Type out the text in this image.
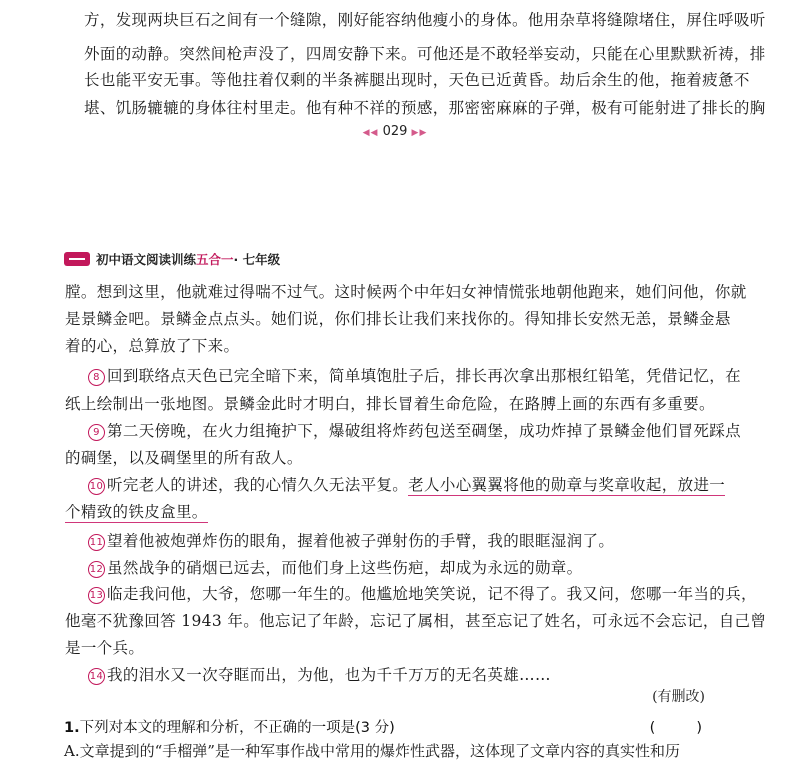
方，发现两块巨石之间有一个缝隙，刚好能容纳他瘦小的身体。他用杂草将缝隙堵住，屏住呼吸听
外面的动静。突然间枪声没了，四周安静下来。可他还是不敢轻举妄动，只能在心里默默祈祷，排
长也能平安无事。等他拄着仅剩的半条裤腿出现时，天色已近黄昏。劫后余生的他，拖着疲惫不
堪、饥肠辘辘的身体往村里走。他有种不祥的预感，那密密麻麻的子弹，极有可能射进了排长的胸
◀◀ 029 ▶▶
初中语文阅读训练 五合一 · 七年级
膛。想到这里，他就难过得喘不过气。这时候两个中年妇女神情慌张地朝他跑来，她们问他，你就
是景鳞金吧。景鳞金点点头。她们说，你们排长让我们来找你的。得知排长安然无恙，景鳞金悬
着的心，总算放了下来。
8 回到联络点天色已完全暗下来，简单填饱肚子后，排长再次拿出那根红铅笔，凭借记忆，在
纸上绘制出一张地图。景鳞金此时才明白，排长冒着生命危险，在路膊上画的东西有多重要。
9 第二天傍晚，在火力组掩护下，爆破组将炸药包送至碉堡，成功炸掉了景鳞金他们冒死踩点
的碉堡，以及碉堡里的所有敌人。
10 听完老人的讲述，我的心情久久无法平复。老人小心翼翼将他的勋章与奖章收起，放进一
个精致的铁皮盒里。
11 望着他被炮弹炸伤的眼角，握着他被子弹射伤的手臂，我的眼眶湿润了。
12 虽然战争的硝烟已远去，而他们身上这些伤疤，却成为永远的勋章。
13 临走我问他，大爷，您哪一年生的。他尴尬地笑笑说，记不得了。我又问，您哪一年当的兵，
他毫不犹豫回答 1943 年。他忘记了年龄，忘记了属相，甚至忘记了姓名，可永远不会忘记，自己曾
是一个兵。
14 我的泪水又一次夺眶而出，为他，也为千千万万的无名英雄……
(有删改)
1.下列对本文的理解和分析，不正确的一项是(3 分)	(　　)
A.文章提到的“手榴弹”是一种军事作战中常用的爆炸性武器，这体现了文章内容的真实性和历
